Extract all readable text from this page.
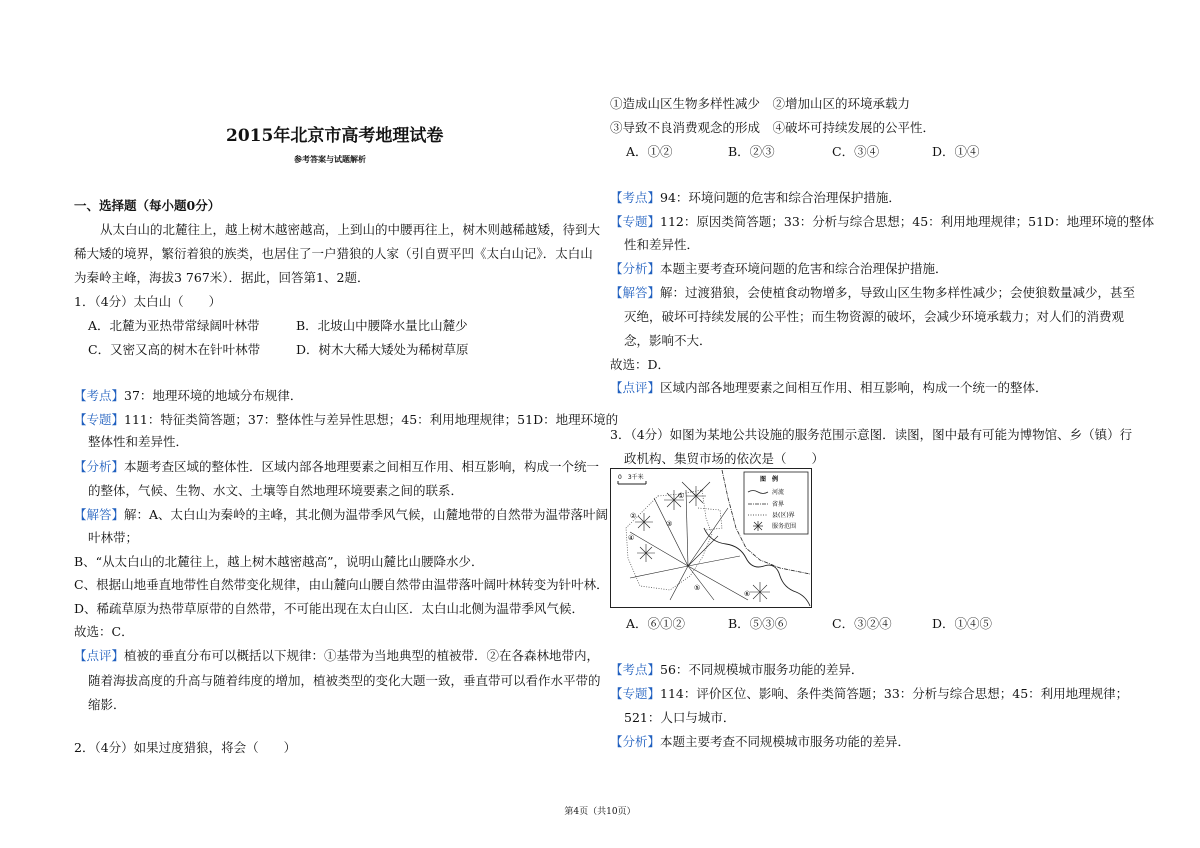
2015年北京市高考地理试卷
参考答案与试题解析
一、选择题（每小题0分）
从太白山的北麓往上，越上树木越密越高，上到山的中腰再往上，树木则越稀越矮，待到大
稀大矮的境界，繁衍着狼的族类，也居住了一户猎狼的人家（引自贾平凹《太白山记》．太白山
为秦岭主峰，海拔3 767米）．据此，回答第1、2题．
1．（4分）太白山（　　）
A．北麓为亚热带常绿阔叶林带	B．北坡山中腰降水量比山麓少
C．又密又高的树木在针叶林带	D．树木大稀大矮处为稀树草原
【考点】37：地理环境的地域分布规律．
【专题】111：特征类简答题；37：整体性与差异性思想；45：利用地理规律；51D：地理环境的
整体性和差异性．
【分析】本题考查区域的整体性．区域内部各地理要素之间相互作用、相互影响，构成一个统一
的整体，气候、生物、水文、土壤等自然地理环境要素之间的联系．
【解答】解：A、太白山为秦岭的主峰，其北侧为温带季风气候，山麓地带的自然带为温带落叶阔
叶林带；
B、“从太白山的北麓往上，越上树木越密越高”，说明山麓比山腰降水少．
C、根据山地垂直地带性自然带变化规律，由山麓向山腰自然带由温带落叶阔叶林转变为针叶林．
D、稀疏草原为热带草原带的自然带，不可能出现在太白山区．太白山北侧为温带季风气候．
故选：C．
【点评】植被的垂直分布可以概括以下规律：①基带为当地典型的植被带．②在各森林地带内，
随着海拔高度的升高与随着纬度的增加，植被类型的变化大题一致，垂直带可以看作水平带的
缩影．
2．（4分）如果过度猎狼，将会（　　）
①造成山区生物多样性减少　②增加山区的环境承载力
③导致不良消费观念的形成　④破坏可持续发展的公平性．
A．①②	B．②③	C．③④	D．①④
【考点】94：环境问题的危害和综合治理保护措施．
【专题】112：原因类简答题；33：分析与综合思想；45：利用地理规律；51D：地理环境的整体
性和差异性．
【分析】本题主要考查环境问题的危害和综合治理保护措施．
【解答】解：过渡猎狼，会使植食动物增多，导致山区生物多样性减少；会使狼数量减少，甚至
灭绝，破坏可持续发展的公平性；而生物资源的破坏，会减少环境承载力；对人们的消费观
念，影响不大．
故选：D．
【点评】区域内部各地理要素之间相互作用、相互影响，构成一个统一的整体．
3．（4分）如图为某地公共设施的服务范围示意图．读图，图中最有可能为博物馆、乡（镇）行
政机构、集贸市场的依次是（　　）
0　3千米	图　例
河流
省界
县(区)界
服务范围
①
②
③
④
⑤
⑥
A．⑥①②	B．⑤③⑥	C．③②④	D．①④⑤
【考点】56：不同规模城市服务功能的差异．
【专题】114：评价区位、影响、条件类简答题；33：分析与综合思想；45：利用地理规律；
521：人口与城市．
【分析】本题主要考查不同规模城市服务功能的差异．
第4页（共10页）
